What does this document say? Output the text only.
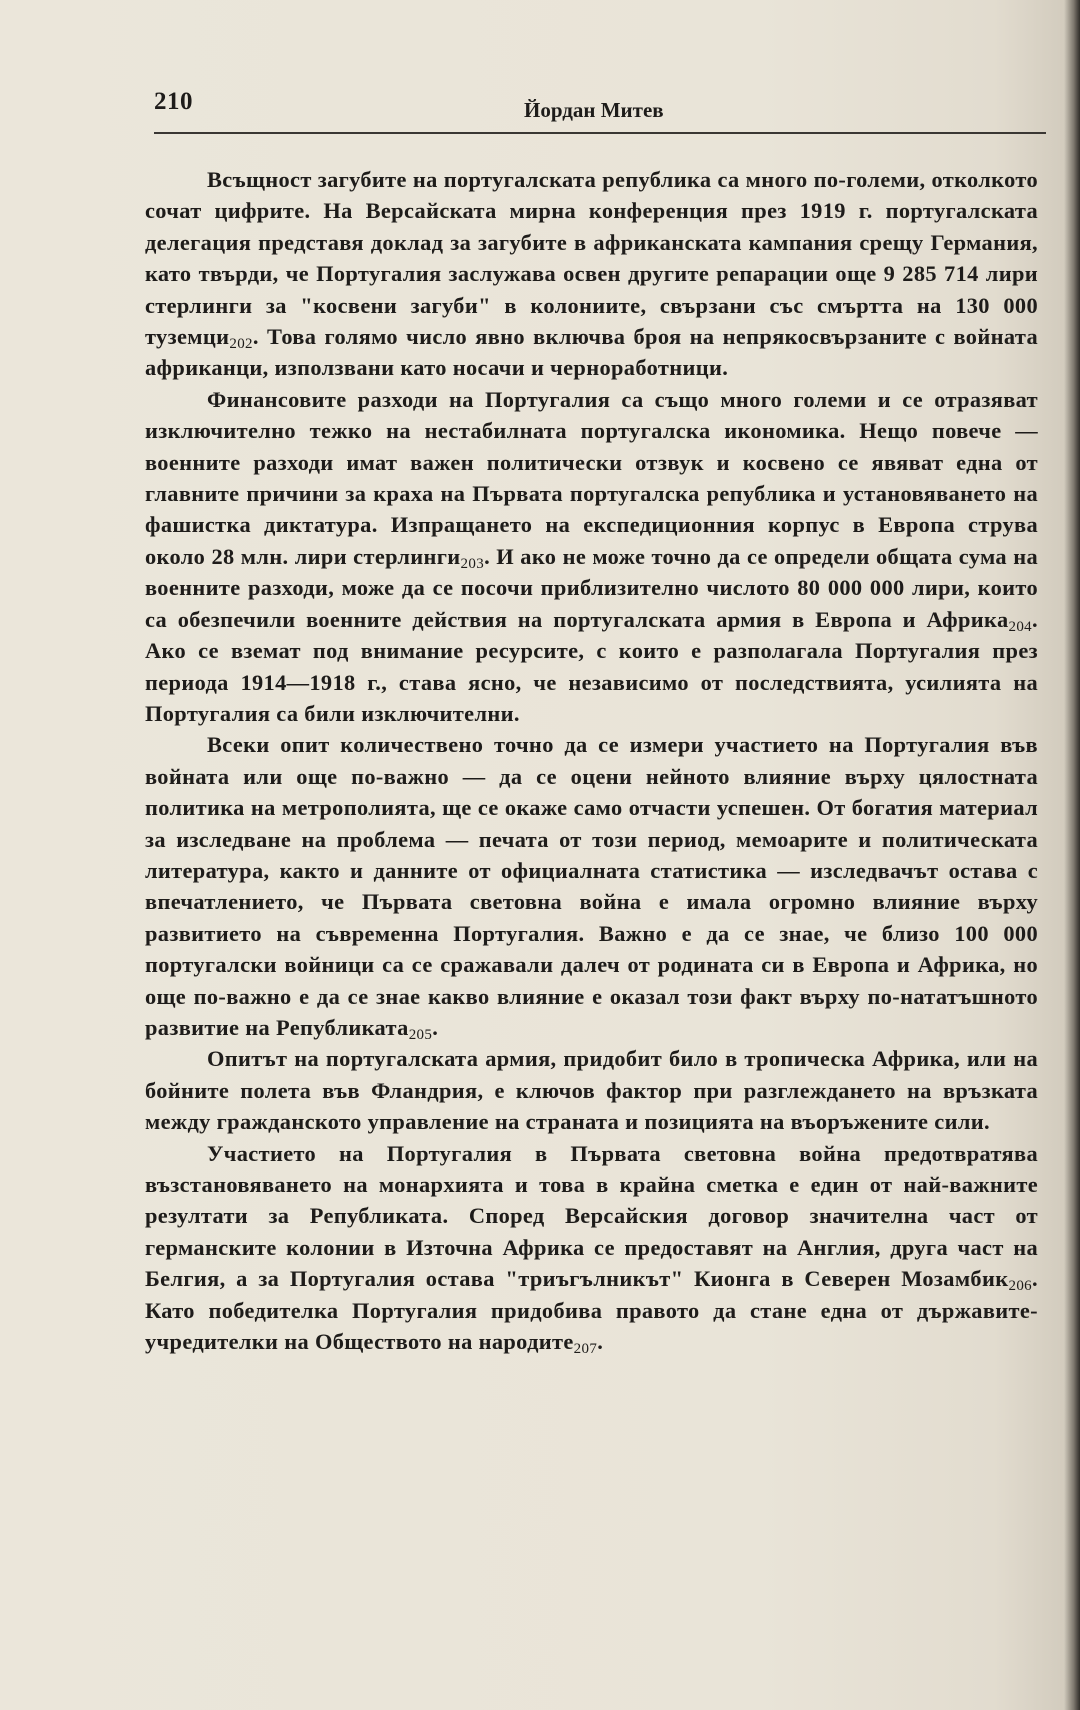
210	Йордан Митев

Всъщност загубите на португалската република са много по-големи, отколкото сочат цифрите. На Версайската мирна конференция през 1919 г. португалската делегация представя доклад за загубите в африканската кампания срещу Германия, като твърди, че Португалия заслужава освен другите репарации още 9 285 714 лири стерлинги за "косвени загуби" в колониите, свързани със смъртта на 130 000 туземци$^{202}$. Това голямо число явно включва броя на непрякосвързаните с войната африканци, използвани като носачи и чернoработници.

Финансовите разходи на Португалия са също много големи и се отразяват изключително тежко на нестабилната португалска икономика. Нещо повече — военните разходи имат важен политически отзвук и косвено се явяват една от главните причини за краха на Първата португалска република и установяването на фашистка диктатура. Изпращането на експедиционния корпус в Европа струва около 28 млн. лири стерлинги$^{203}$. И ако не може точно да се определи общата сума на военните разходи, може да се посочи приблизително числото 80 000 000 лири, които са обезпечили военните действия на португалската армия в Европа и Африка$^{204}$. Ако се вземат под внимание ресурсите, с които е разполагала Португалия през периода 1914—1918 г., става ясно, че независимо от последствията, усилията на Португалия са били изключителни.

Всеки опит количествено точно да се измери участието на Португалия във войната или още по-важно — да се оцени нейното влияние върху цялостната политика на метрополията, ще се окаже само отчасти успешен. От богатия материал за изследване на проблема — печата от този период, мемоарите и политическата литература, както и данните от официалната статистика — изследвачът остава с впечатлението, че Първата световна война е имала огромно влияние върху развитието на съвременна Португалия. Важно е да се знае, че близо 100 000 португалски войници са се сражавали далеч от родината си в Европа и Африка, но още по-важно е да се знае какво влияние е оказал този факт върху по-нататъшното развитие на Републиката$^{205}$.

Опитът на португалската армия, придобит било в тропическа Африка, или на бойните полета във Фландрия, е ключов фактор при разглеждането на връзката между гражданското управление на страната и позицията на въоръжените сили.

Участието на Португалия в Първата световна война предотвратява възстановяването на монархията и това в крайна сметка е един от най-важните резултати за Републиката. Според Версайския договор значителна част от германските колонии в Източна Африка се предоставят на Англия, друга част на Белгия, а за Португалия остава "триъгълникът" Кионга в Северен Мозамбик$^{206}$. Като победителка Португалия придобива правото да стане една от държавите-учредителки на Обществото на народите$^{207}$.
